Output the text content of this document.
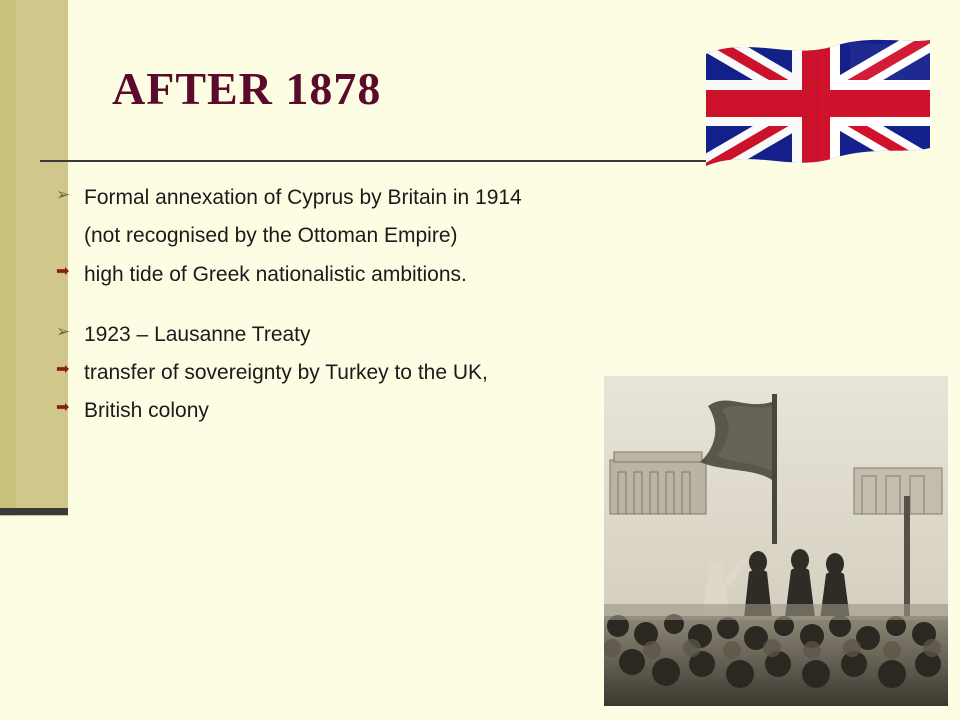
AFTER 1878
➢ Formal annexation of Cyprus by Britain in 1914
(not recognised by the Ottoman Empire)
➡ high tide of Greek nationalistic ambitions.
➢ 1923 – Lausanne Treaty
➡ transfer of sovereignty by Turkey to the UK,
➡ British colony
